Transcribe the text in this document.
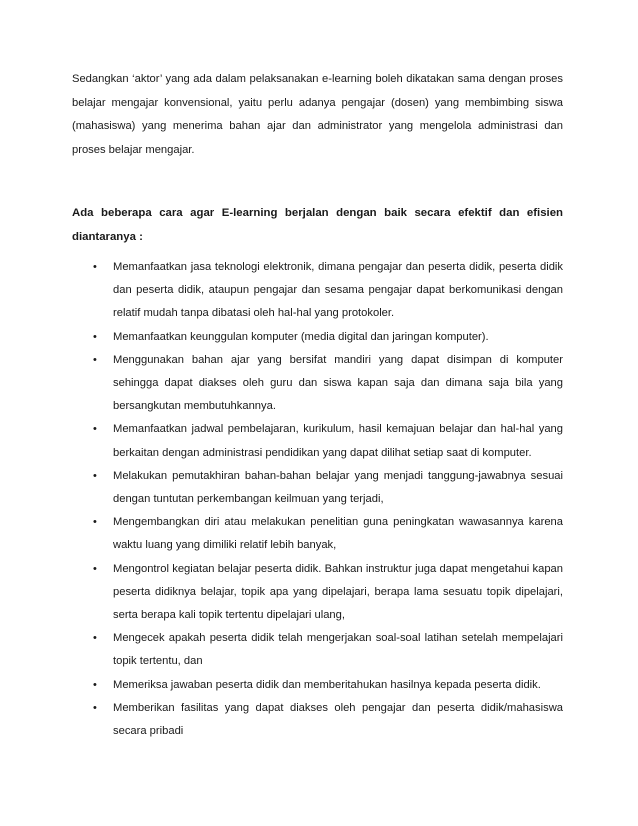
Sedangkan ‘aktor’ yang ada dalam pelaksanakan e-learning boleh dikatakan sama dengan proses belajar mengajar konvensional, yaitu perlu adanya pengajar (dosen) yang membimbing siswa (mahasiswa) yang menerima bahan ajar dan administrator yang mengelola administrasi dan proses belajar mengajar.

Ada beberapa cara agar E-learning berjalan dengan baik secara efektif dan efisien diantaranya :

• Memanfaatkan jasa teknologi elektronik, dimana pengajar dan peserta didik, peserta didik dan peserta didik, ataupun pengajar dan sesama pengajar dapat berkomunikasi dengan relatif mudah tanpa dibatasi oleh hal-hal yang protokoler.
• Memanfaatkan keunggulan komputer (media digital dan jaringan komputer).
• Menggunakan bahan ajar yang bersifat mandiri yang dapat disimpan di komputer sehingga dapat diakses oleh guru dan siswa kapan saja dan dimana saja bila yang bersangkutan membutuhkannya.
• Memanfaatkan jadwal pembelajaran, kurikulum, hasil kemajuan belajar dan hal-hal yang berkaitan dengan administrasi pendidikan yang dapat dilihat setiap saat di komputer.
• Melakukan pemutakhiran bahan-bahan belajar yang menjadi tanggung-jawabnya sesuai dengan tuntutan perkembangan keilmuan yang terjadi,
• Mengembangkan diri atau melakukan penelitian guna peningkatan wawasannya karena waktu luang yang dimiliki relatif lebih banyak,
• Mengontrol kegiatan belajar peserta didik. Bahkan instruktur juga dapat mengetahui kapan peserta didiknya belajar, topik apa yang dipelajari, berapa lama sesuatu topik dipelajari, serta berapa kali topik tertentu dipelajari ulang,
• Mengecek apakah peserta didik telah mengerjakan soal-soal latihan setelah mempelajari topik tertentu, dan
• Memeriksa jawaban peserta didik dan memberitahukan hasilnya kepada peserta didik.
• Memberikan fasilitas yang dapat diakses oleh pengajar dan peserta didik/mahasiswa secara pribadi
